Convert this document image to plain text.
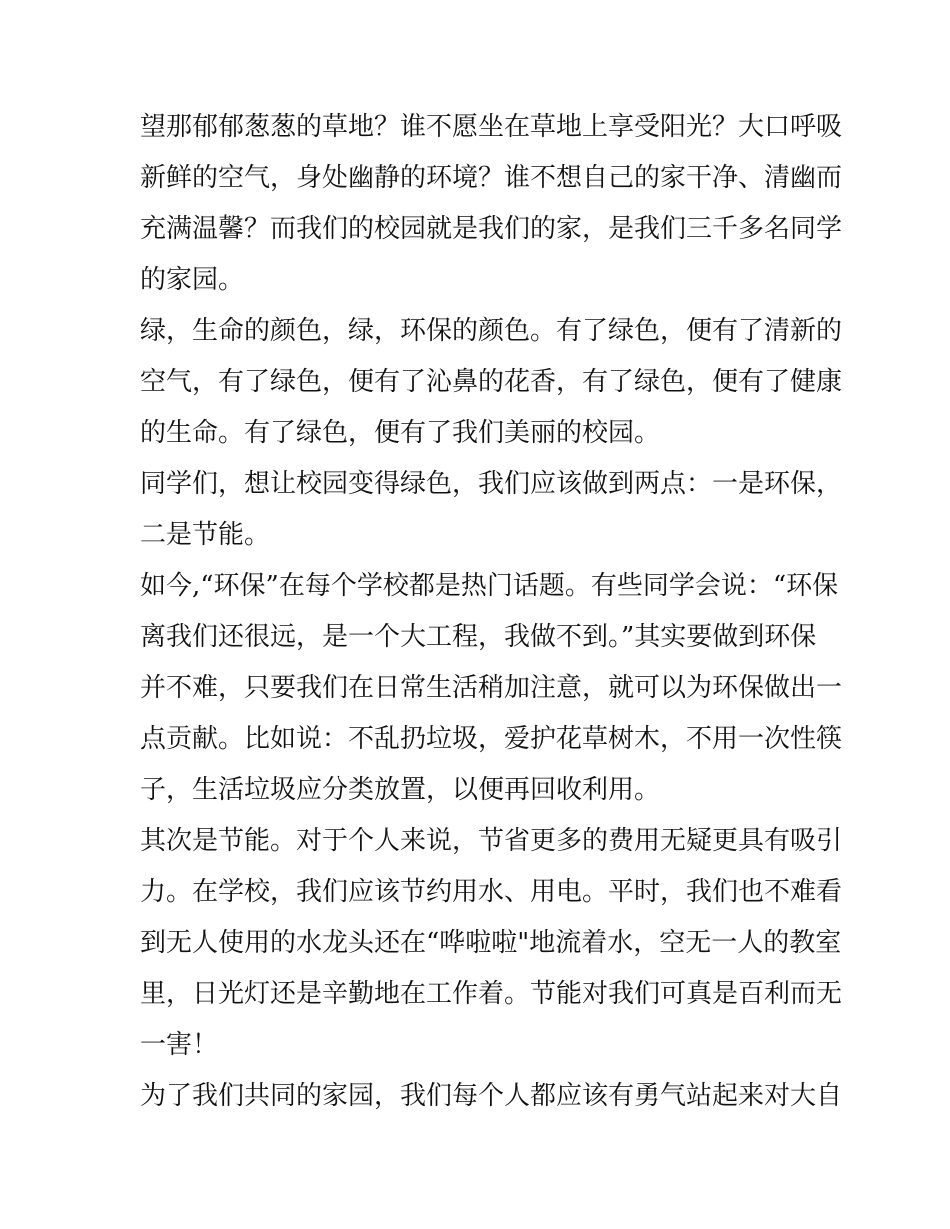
望那郁郁葱葱的草地？谁不愿坐在草地上享受阳光？大口呼吸
新鲜的空气，身处幽静的环境？谁不想自己的家干净、清幽而
充满温馨？而我们的校园就是我们的家，是我们三千多名同学
的家园。
绿，生命的颜色，绿，环保的颜色。有了绿色，便有了清新的
空气，有了绿色，便有了沁鼻的花香，有了绿色，便有了健康
的生命。有了绿色，便有了我们美丽的校园。
同学们，想让校园变得绿色，我们应该做到两点：一是环保，
二是节能。
如今,“环保”在每个学校都是热门话题。有些同学会说：“环保
离我们还很远，是一个大工程，我做不到。”其实要做到环保
并不难，只要我们在日常生活稍加注意，就可以为环保做出一
点贡献。比如说：不乱扔垃圾，爱护花草树木，不用一次性筷
子，生活垃圾应分类放置，以便再回收利用。
其次是节能。对于个人来说，节省更多的费用无疑更具有吸引
力。在学校，我们应该节约用水、用电。平时，我们也不难看
到无人使用的水龙头还在“哗啦啦"地流着水，空无一人的教室
里，日光灯还是辛勤地在工作着。节能对我们可真是百利而无
一害！
为了我们共同的家园，我们每个人都应该有勇气站起来对大自
